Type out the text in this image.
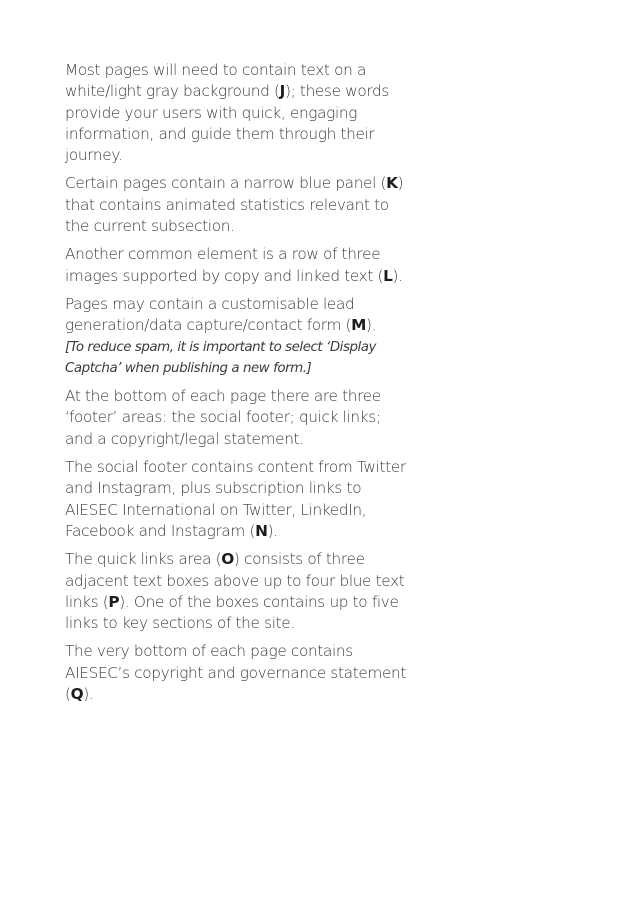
Most pages will need to contain text on a white/light gray background (J); these words provide your users with quick, engaging information, and guide them through their journey.

Certain pages contain a narrow blue panel (K) that contains animated statistics relevant to the current subsection.

Another common element is a row of three images supported by copy and linked text (L).

Pages may contain a customisable lead generation/data capture/contact form (M).
[To reduce spam, it is important to select ‘Display Captcha’ when publishing a new form.]

At the bottom of each page there are three ‘footer’ areas: the social footer; quick links; and a copyright/legal statement.

The social footer contains content from Twitter and Instagram, plus subscription links to AIESEC International on Twitter, LinkedIn, Facebook and Instagram (N).

The quick links area (O) consists of three adjacent text boxes above up to four blue text links (P). One of the boxes contains up to five links to key sections of the site.

The very bottom of each page contains AIESEC’s copyright and governance statement (Q).
